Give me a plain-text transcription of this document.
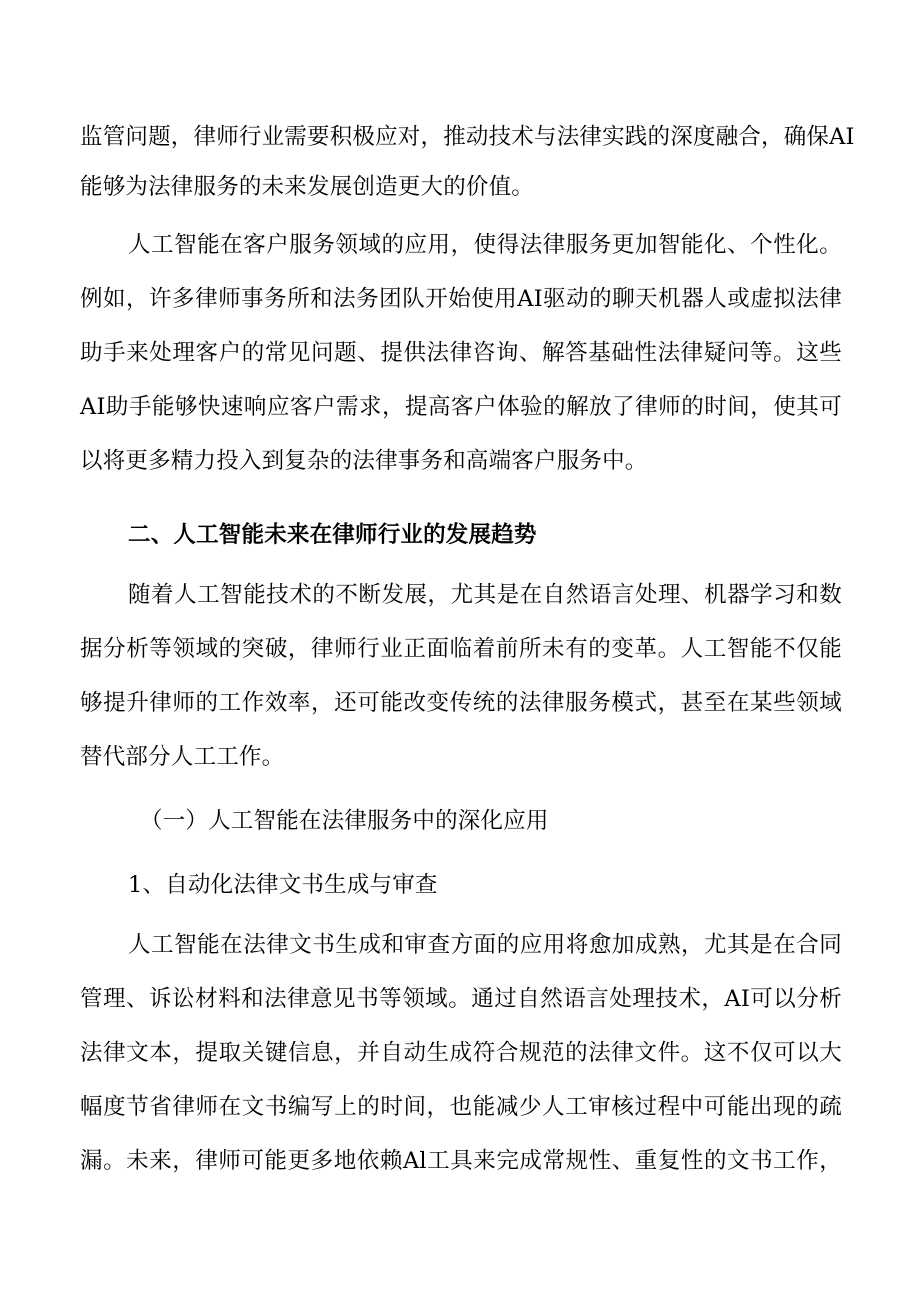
监管问题，律师行业需要积极应对，推动技术与法律实践的深度融合，确保AI
能够为法律服务的未来发展创造更大的价值。
人工智能在客户服务领域的应用，使得法律服务更加智能化、个性化。
例如，许多律师事务所和法务团队开始使用AI驱动的聊天机器人或虚拟法律
助手来处理客户的常见问题、提供法律咨询、解答基础性法律疑问等。这些
AI助手能够快速响应客户需求，提高客户体验的解放了律师的时间，使其可
以将更多精力投入到复杂的法律事务和高端客户服务中。
二、人工智能未来在律师行业的发展趋势
随着人工智能技术的不断发展，尤其是在自然语言处理、机器学习和数
据分析等领域的突破，律师行业正面临着前所未有的变革。人工智能不仅能
够提升律师的工作效率，还可能改变传统的法律服务模式，甚至在某些领域
替代部分人工工作。
（一）人工智能在法律服务中的深化应用
1、自动化法律文书生成与审查
人工智能在法律文书生成和审查方面的应用将愈加成熟，尤其是在合同
管理、诉讼材料和法律意见书等领域。通过自然语言处理技术，AI可以分析
法律文本，提取关键信息，并自动生成符合规范的法律文件。这不仅可以大
幅度节省律师在文书编写上的时间，也能减少人工审核过程中可能出现的疏
漏。未来，律师可能更多地依赖Al工具来完成常规性、重复性的文书工作，
